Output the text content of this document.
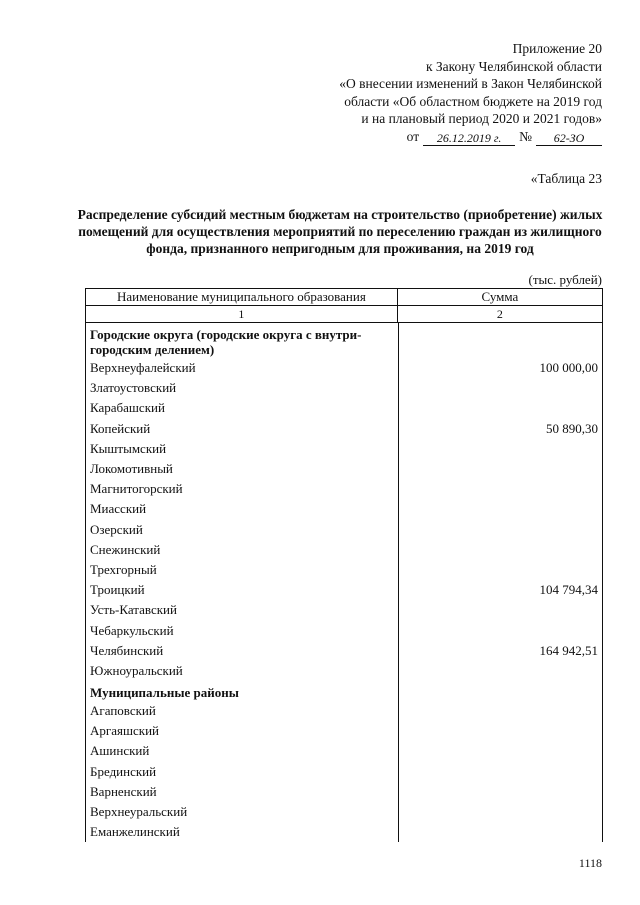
Приложение 20
к Закону Челябинской области
«О внесении изменений в Закон Челябинской
области «Об областном бюджете на 2019 год
и на плановый период 2020 и 2021 годов»
от	26.12.2019 г.	№	62-ЗО
«Таблица 23
Распределение субсидий местным бюджетам на строительство (приобретение) жилых помещений для осуществления мероприятий по переселению граждан из жилищного фонда, признанного непригодным для проживания, на 2019 год
(тыс. рублей)
Наименование муниципального образования	Сумма
1	2
Городские округа (городские округа с внутри-городским делением)
Верхнеуфалейский	100 000,00
Златоустовский
Карабашский
Копейский	50 890,30
Кыштымский
Локомотивный
Магнитогорский
Миасский
Озерский
Снежинский
Трехгорный
Троицкий	104 794,34
Усть-Катавский
Чебаркульский
Челябинский	164 942,51
Южноуральский
Муниципальные районы
Агаповский
Аргаяшский
Ашинский
Брединский
Варненский
Верхнеуральский
Еманжелинский
1118
